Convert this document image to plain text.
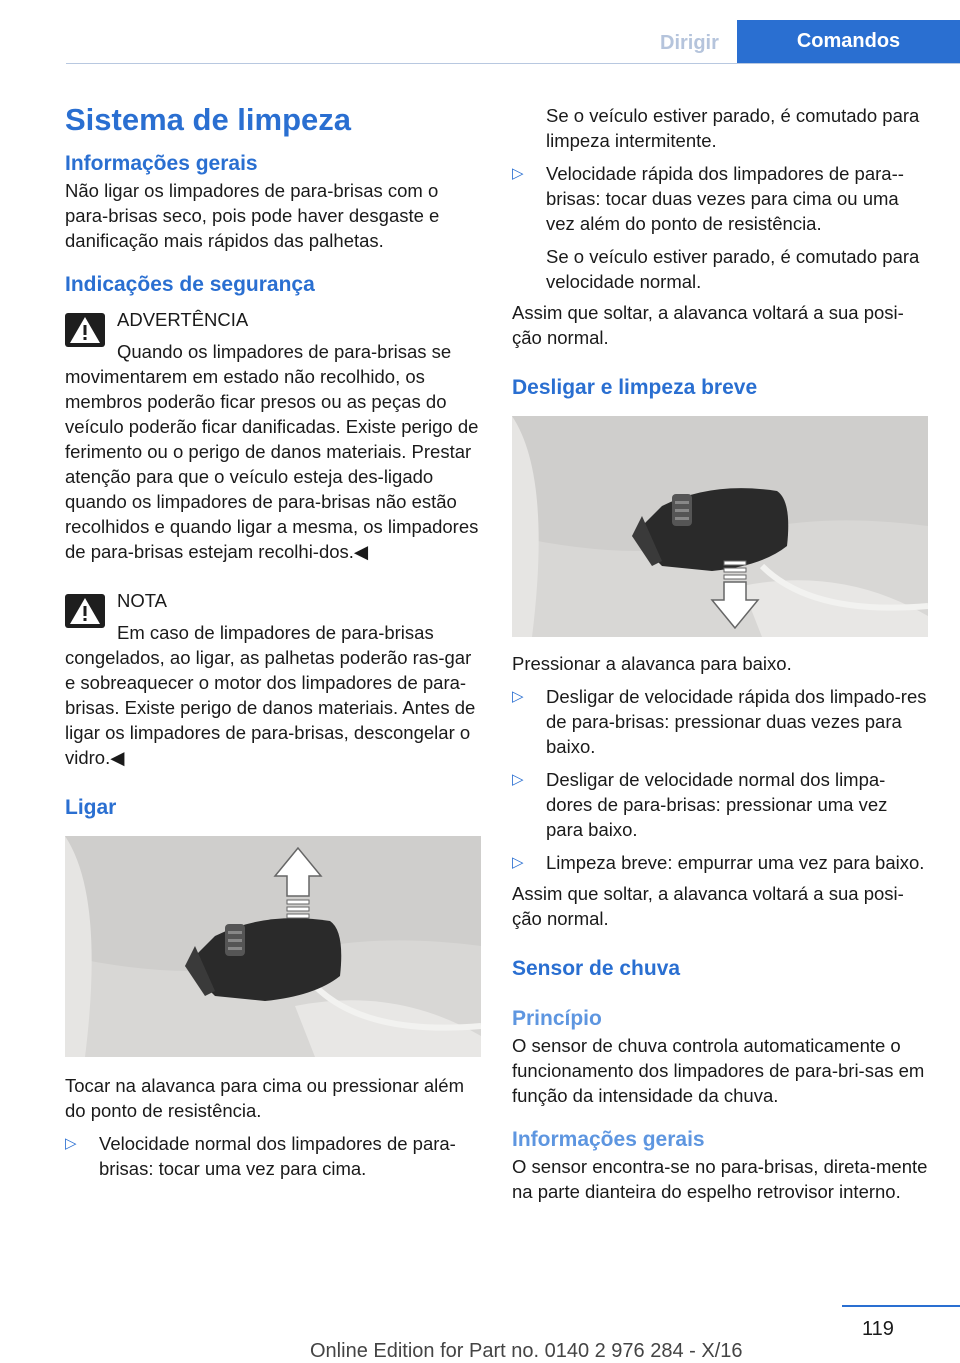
Dirigir	Comandos
Sistema de limpeza
Informações gerais

Não ligar os limpadores de para-brisas com o para-brisas seco, pois pode haver desgaste e danificação mais rápidos das palhetas.

Indicações de segurança
ADVERTÊNCIA

Quando os limpadores de para-brisas se

movimentarem em estado não recolhido, os membros poderão ficar presos ou as peças do veículo poderão ficar danificadas. Existe perigo de ferimento ou o perigo de danos materiais. Prestar atenção para que o veículo esteja des-ligado quando os limpadores de para-brisas não estão recolhidos e quando ligar a mesma, os limpadores de para-brisas estejam recolhi-dos.◀

NOTA

Em caso de limpadores de para-brisas

congelados, ao ligar, as palhetas poderão ras-gar e sobreaquecer o motor dos limpadores de para-brisas. Existe perigo de danos materiais. Antes de ligar os limpadores de para-brisas, descongelar o vidro.◀

Ligar

Tocar na alavanca para cima ou pressionar além do ponto de resistência.

▷ Velocidade normal dos limpadores de para-brisas: tocar uma vez para cima.
Se o veículo estiver parado, é comutado para limpeza intermitente.
▷ Velocidade rápida dos limpadores de para--brisas: tocar duas vezes para cima ou uma vez além do ponto de resistência.
Se o veículo estiver parado, é comutado para velocidade normal.

Assim que soltar, a alavanca voltará a sua posi-ção normal.

Desligar e limpeza breve

Pressionar a alavanca para baixo.

▷ Desligar de velocidade rápida dos limpado-res de para-brisas: pressionar duas vezes para baixo.
▷ Desligar de velocidade normal dos limpa-dores de para-brisas: pressionar uma vez para baixo.
▷ Limpeza breve: empurrar uma vez para baixo.

Assim que soltar, a alavanca voltará a sua posi-ção normal.

Sensor de chuva
Princípio

O sensor de chuva controla automaticamente o funcionamento dos limpadores de para-bri-sas em função da intensidade da chuva.

Informações gerais

O sensor encontra-se no para-brisas, direta-mente na parte dianteira do espelho retrovisor interno.

119
Online Edition for Part no. 0140 2 976 284 - X/16
